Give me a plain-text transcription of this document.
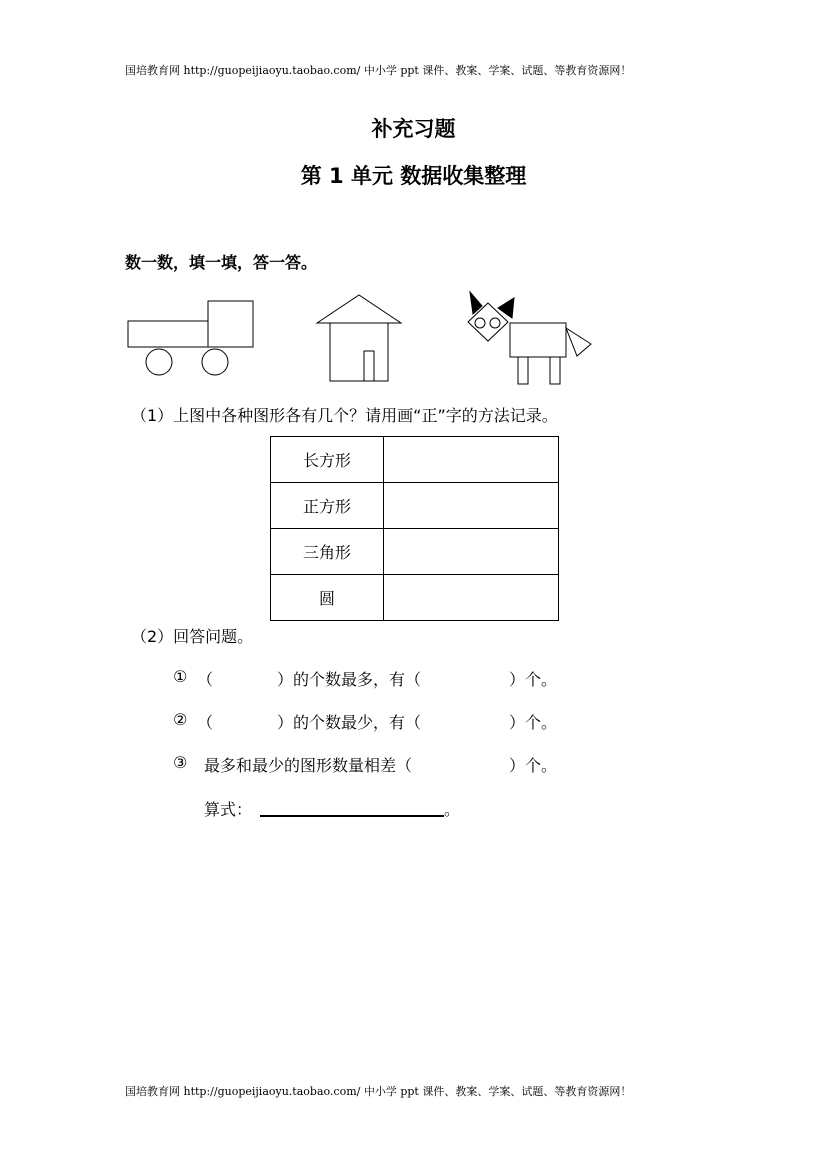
国培教育网 http://guopeijiaoyu.taobao.com/ 中小学 ppt 课件、教案、学案、试题、等教育资源网！
补充习题
第 1 单元 数据收集整理
数一数，填一填，答一答。
（1）上图中各种图形各有几个？请用画“正”字的方法记录。
长方形	
正方形	
三角形	
圆	
（2）回答问题。
① （	）的个数最多，有（	）个。
② （	）的个数最少，有（	）个。
③ 最多和最少的图形数量相差（	）个。
算式：	。
国培教育网 http://guopeijiaoyu.taobao.com/ 中小学 ppt 课件、教案、学案、试题、等教育资源网！
